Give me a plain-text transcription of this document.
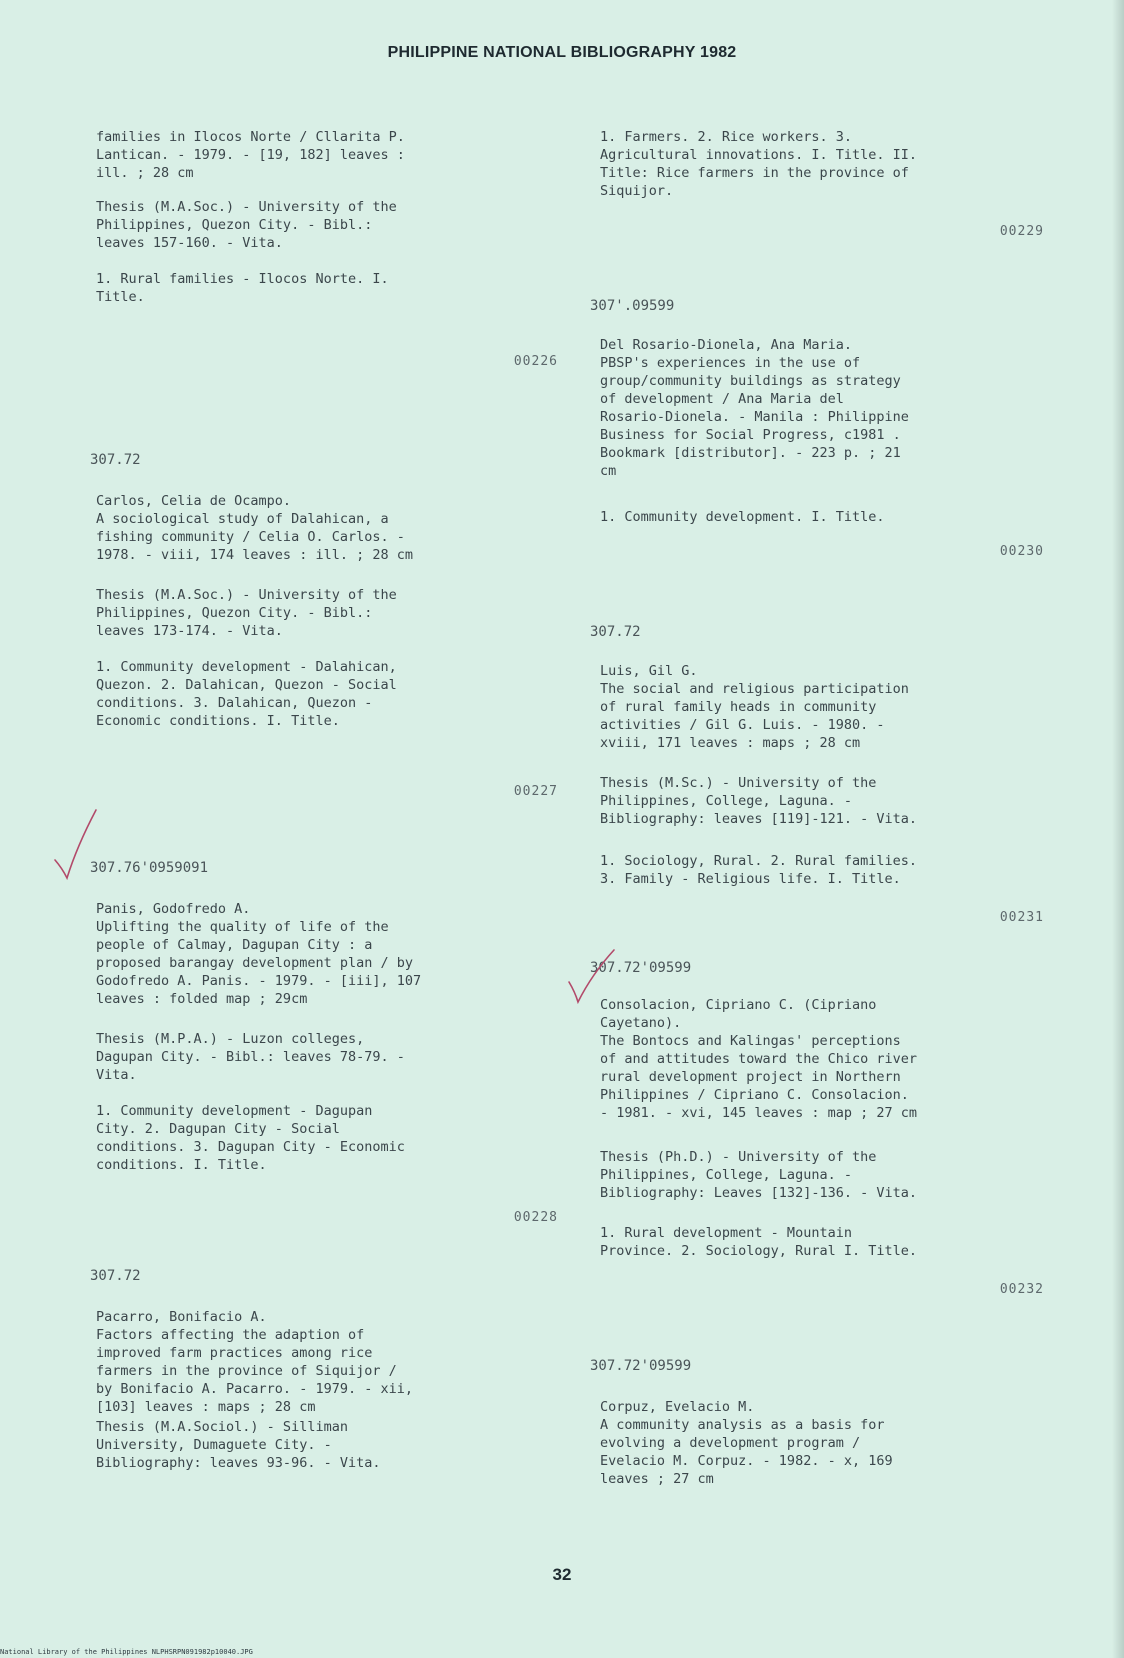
PHILIPPINE NATIONAL BIBLIOGRAPHY 1982
families in Ilocos Norte / Cllarita P.
Lantican. - 1979. - [19, 182] leaves :
ill. ; 28 cm
Thesis (M.A.Soc.) - University of the
Philippines, Quezon City. - Bibl.:
leaves 157-160. - Vita.
1. Rural families - Ilocos Norte. I.
Title.
00226
307.72
Carlos, Celia de Ocampo.
A sociological study of Dalahican, a
fishing community / Celia O. Carlos. -
1978. - viii, 174 leaves : ill. ; 28 cm
Thesis (M.A.Soc.) - University of the
Philippines, Quezon City. - Bibl.:
leaves 173-174. - Vita.
1. Community development - Dalahican,
Quezon. 2. Dalahican, Quezon - Social
conditions. 3. Dalahican, Quezon -
Economic conditions. I. Title.
00227
307.76'0959091
Panis, Godofredo A.
Uplifting the quality of life of the
people of Calmay, Dagupan City : a
proposed barangay development plan / by
Godofredo A. Panis. - 1979. - [iii], 107
leaves : folded map ; 29cm
Thesis (M.P.A.) - Luzon colleges,
Dagupan City. - Bibl.: leaves 78-79. -
Vita.
1. Community development - Dagupan
City. 2. Dagupan City - Social
conditions. 3. Dagupan City - Economic
conditions. I. Title.
00228
307.72
Pacarro, Bonifacio A.
Factors affecting the adaption of
improved farm practices among rice
farmers in the province of Siquijor /
by Bonifacio A. Pacarro. - 1979. - xii,
[103] leaves : maps ; 28 cm
Thesis (M.A.Sociol.) - Silliman
University, Dumaguete City. -
Bibliography: leaves 93-96. - Vita.
1. Farmers. 2. Rice workers. 3.
Agricultural innovations. I. Title. II.
Title: Rice farmers in the province of
Siquijor.
00229
307'.09599
Del Rosario-Dionela, Ana Maria.
PBSP's experiences in the use of
group/community buildings as strategy
of development / Ana Maria del
Rosario-Dionela. - Manila : Philippine
Business for Social Progress, c1981 .
Bookmark [distributor]. - 223 p. ; 21
cm
1. Community development. I. Title.
00230
307.72
Luis, Gil G.
The social and religious participation
of rural family heads in community
activities / Gil G. Luis. - 1980. -
xviii, 171 leaves : maps ; 28 cm
Thesis (M.Sc.) - University of the
Philippines, College, Laguna. -
Bibliography: leaves [119]-121. - Vita.
1. Sociology, Rural. 2. Rural families.
3. Family - Religious life. I. Title.
00231
307.72'09599
Consolacion, Cipriano C. (Cipriano
Cayetano).
The Bontocs and Kalingas' perceptions
of and attitudes toward the Chico river
rural development project in Northern
Philippines / Cipriano C. Consolacion.
- 1981. - xvi, 145 leaves : map ; 27 cm
Thesis (Ph.D.) - University of the
Philippines, College, Laguna. -
Bibliography: Leaves [132]-136. - Vita.
1. Rural development - Mountain
Province. 2. Sociology, Rural I. Title.
00232
307.72'09599
Corpuz, Evelacio M.
A community analysis as a basis for
evolving a development program /
Evelacio M. Corpuz. - 1982. - x, 169
leaves ; 27 cm
32
National Library of the Philippines NLPHSRPN091982p10040.JPG
